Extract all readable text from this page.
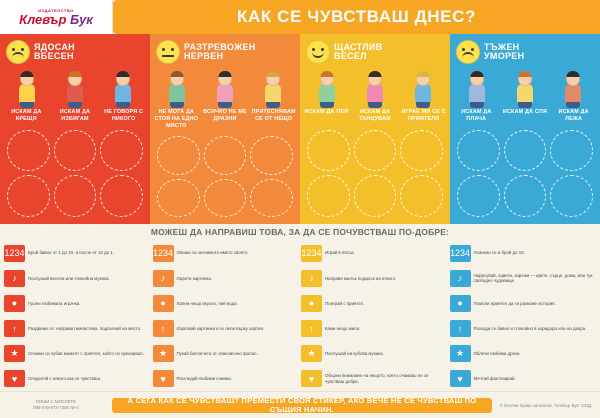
ИЗДАТЕЛСТВО
Клевър Бук	КАК СЕ ЧУВСТВАШ ДНЕС?
ЯДОСАН
ВБЕСЕН
ИСКАМ ДА КРЕЩЯ
ИСКАМ ДА ИЗБЯГАМ
НЕ ГОВОРЯ С НИКОГО
РАЗТРЕВОЖЕН
НЕРВЕН
НЕ МОГА ДА СТОЯ НА ЕДНО МЯСТО
ВСИЧКО НЕ МЕ ДРАЗНИ
ПРИТЕСНЯВАМ СЕ ОТ НЕЩО
ЩАСТЛИВ
ВЕСЕЛ
ИСКАМ ДА ПЕЯ	ИСКАМ ДА ТАНЦУВАМ
ИГРАЕ МИ СЕ С ПРИЯТЕЛИ
ТЪЖЕН
УМОРЕН
ИСКАМ ДА ПЛАЧА
ИСКАМ ДА СПЯ	ИСКАМ ДА ЛЕЖА
МОЖЕШ ДА НАПРАВИШ ТОВА, ЗА ДА СЕ ПОЧУВСТВАШ ПО-ДОБРЕ:
1234 Брой бавно от 1 до 10, а после от 10 до 1.
♪	Послушай весела или спокойна музика.
●	Гушни любимата играчка.
↑	Раздвижи се: направи гимнастика, подскачай на място.
★	Спомни си хубав момент с приятел, който си прекарвал.
♥	Споделяй с някого как се чувстваш.
1234 Опиши си значимото името своето.
♪	Оцвети картинка.
●	Хапни нещо вкусно, пий вода.
↑	Изрязвай картинки и ги лепи върху хартия.
★	Пукай балончета от опаковъчно фолио.
♥	Разгледай любими снимки.
1234 Играй в пясък.
♪	Направи малък подарък на някого.
●	Поиграй с приятел.
↑	Кажи нещо мило.
★	Послушай на кубова музика.
♥	Обърни внимание на нещото, което очакваш не се чувстваш добре.
1234 Усмихни се и брой до 10.
♪	Нарисувай, оцвети, изрежи — цвете, сърце, дома, или тук свободно чудовище.
●	Помоли приятел да ти разкаже история.
↑	Разходи се бавно и спокойно в коридора или на двора.
★	Облечи любима дреха.
♥	Мечтай фантазирай.
ПИШИ С МИСЛЕТЕ
089 978-673-7386 №-4
А СЕГА КАК СЕ ЧУВСТВАШ? ПРЕМЕСТИ СВОЯ СТИКЕР, АКО ВЕЧЕ НЕ СЕ ЧУВСТВАШ ПО СЪЩИЯ НАЧИН.	© Всички права запазени, "Клевър Бук" ООД.
